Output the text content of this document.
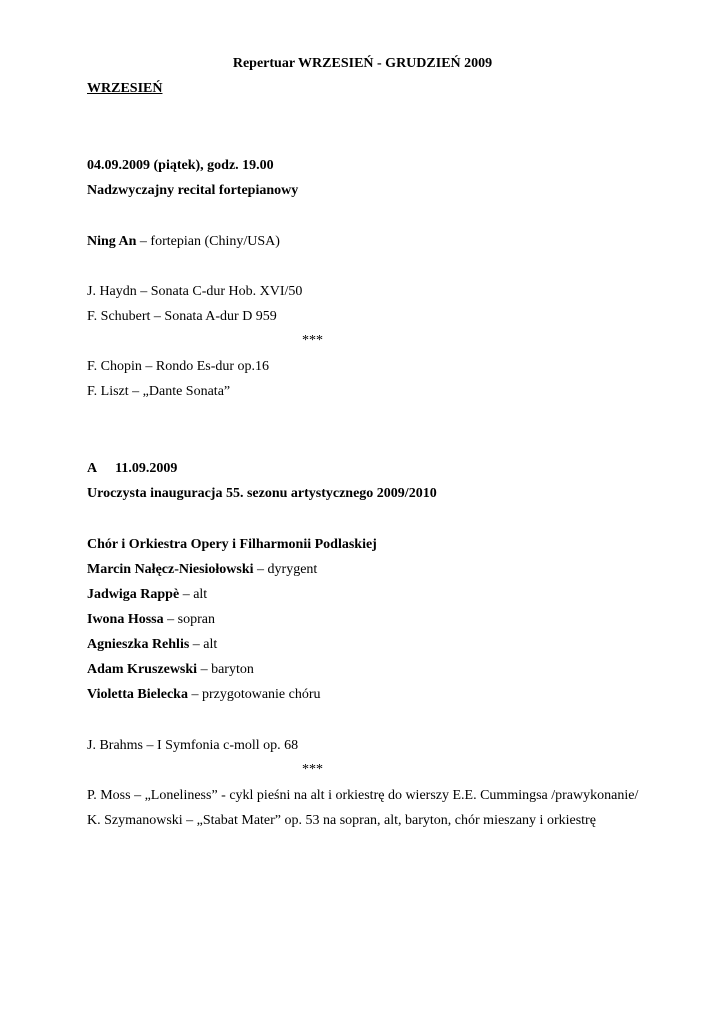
Repertuar WRZESIEŃ - GRUDZIEŃ 2009
WRZESIEŃ
04.09.2009 (piątek), godz. 19.00
Nadzwyczajny recital fortepianowy
Ning An – fortepian (Chiny/USA)
J. Haydn – Sonata C-dur Hob. XVI/50
F. Schubert – Sonata A-dur D 959
***
F. Chopin – Rondo Es-dur op.16
F. Liszt – „Dante Sonata”
A 11.09.2009
Uroczysta inauguracja 55. sezonu artystycznego 2009/2010
Chór i Orkiestra Opery i Filharmonii Podlaskiej
Marcin Nałęcz-Niesiołowski – dyrygent
Jadwiga Rappè – alt
Iwona Hossa – sopran
Agnieszka Rehlis – alt
Adam Kruszewski – baryton
Violetta Bielecka – przygotowanie chóru
J. Brahms – I Symfonia c-moll op. 68
***
P. Moss – „Loneliness” - cykl pieśni na alt i orkiestrę do wierszy E.E. Cummingsa /prawykonanie/
K. Szymanowski – „Stabat Mater” op. 53 na sopran, alt, baryton, chór mieszany i orkiestrę
